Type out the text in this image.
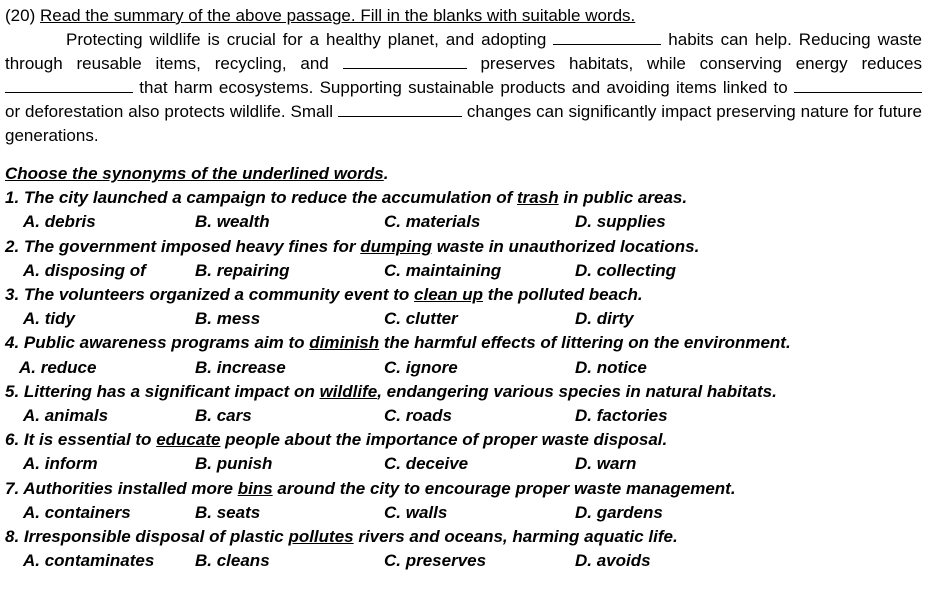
(20) Read the summary of the above passage. Fill in the blanks with suitable words.
Protecting wildlife is crucial for a healthy planet, and adopting	habits can help. Reducing waste through reusable items, recycling, and	preserves habitats, while conserving energy reduces  that harm ecosystems. Supporting sustainable products and avoiding items linked to  or deforestation also protects wildlife. Small	changes can significantly impact preserving nature for future generations.
Choose the synonyms of the underlined words.
1. The city launched a campaign to reduce the accumulation of trash in public areas.
A. debris	B. wealth	C. materials	D. supplies
2. The government imposed heavy fines for dumping waste in unauthorized locations.
A. disposing of	B. repairing	C. maintaining	D. collecting
3. The volunteers organized a community event to clean up the polluted beach.
A. tidy	B. mess	C. clutter	D. dirty
4. Public awareness programs aim to diminish the harmful effects of littering on the environment.
A. reduce	B. increase	C. ignore	D. notice
5. Littering has a significant impact on wildlife, endangering various species in natural habitats.
A. animals	B. cars	C. roads	D. factories
6. It is essential to educate people about the importance of proper waste disposal.
A. inform	B. punish	C. deceive	D. warn
7. Authorities installed more bins around the city to encourage proper waste management.
A. containers	B. seats	C. walls	D. gardens
8. Irresponsible disposal of plastic pollutes rivers and oceans, harming aquatic life.
A. contaminates B. cleans	C. preserves	D. avoids
